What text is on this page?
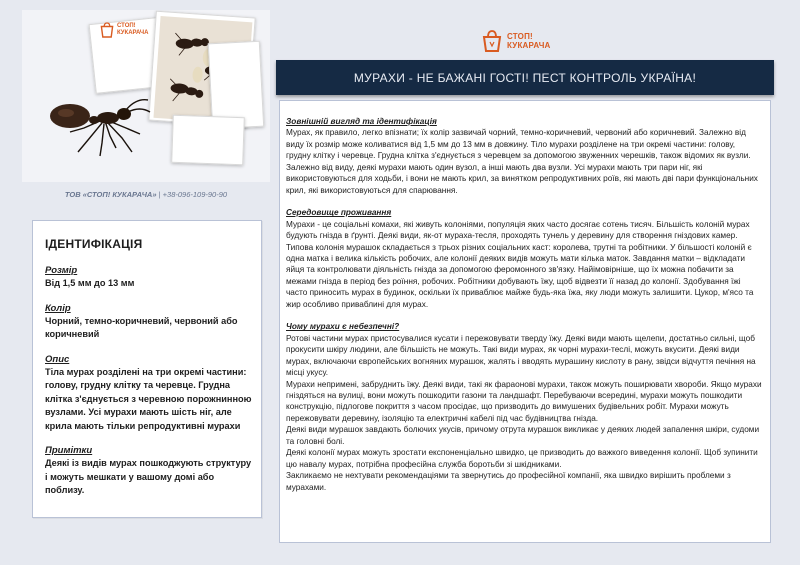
СТОП!
КУКАРАЧА
ТОВ «СТОП! КУКАРАЧА» | +38-096-109-90-90
ІДЕНТИФІКАЦІЯ
Розмір
Від 1,5 мм до 13 мм
Колір
Чорний, темно-коричневий, червоний або коричневий
Опис
Тіла мурах розділені на три окремі частини: голову, грудну клітку та черевце. Грудна клітка з'єднується з черевною порожнинною вузлами. Усі мурахи мають шість ніг, але крила мають тільки репродуктивні мурахи
Примітки
Деякі із видів мурах пошкоджують структуру і можуть мешкати у вашому домі або поблизу.
СТОП!
КУКАРАЧА
МУРАХИ - НЕ БАЖАНІ ГОСТІ! ПЕСТ КОНТРОЛЬ УКРАЇНА!
Зовнішній вигляд та ідентифікація

Мурах, як правило, легко впізнати; їх колір зазвичай чорний, темно-коричневий, червоний або коричневий. Залежно від виду їх розмір може коливатися від 1,5 мм до 13 мм в довжину. Тіло мурахи розділене на три окремі частини: голову, грудну клітку і черевце. Грудна клітка з'єднується з черевцем за допомогою звуженних черешків, також відомих як вузли. Залежно від виду, деякі мурахи мають один вузол, а інші мають два вузли. Усі мурахи мають три пари ніг, які використовуються для ходьби, і вони не мають крил, за винятком репродуктивних роїв, які мають дві пари функціональних крил, які використовуються для спарювання.

Середовище проживання

Мурахи - це соціальні комахи, які живуть колоніями, популяція яких часто досягає сотень тисяч. Більшість колоній мурах будують гнізда в ґрунті. Деякі види, як-от мураха-тесля, проходять тунель у деревину для створення гніздових камер. Типова колонія мурашок складається з трьох різних соціальних каст: королева, трутні та робітники. У більшості колоній є одна матка і велика кількість робочих, але колонії деяких видів можуть мати кілька маток. Завдання матки – відкладати яйця та контролювати діяльність гнізда за допомогою феромонного зв'язку. Найімовірніше, що їх можна побачити за межами гнізда в період без роїння, робочих. Робітники добувають їжу, щоб відвезти її назад до колонії. Здобування їжі часто приносить мурах в будинок, оскільки їх приваблює майже будь-яка їжа, яку люди можуть залишити. Цукор, м'ясо та жир особливо приваблині для мурах.

Чому мурахи є небезпечні?

Ротові частини мурах пристосувалися кусати і пережовувати тверду їжу. Деякі види мають щелепи, достатньо сильні, щоб прокусити шкіру людини, але більшість не можуть. Такі види мурах, як чорні мурахи-теслі, можуть вкусити. Деякі види мурах, включаючи європейських вогняних мурашок, жалять і вводять мурашину кислоту в рану, звідси відчуття печіння на місці укусу.

Мурахи непримені, забруднить їжу. Деякі види, такі як фараонові мурахи, також можуть поширювати хвороби. Якщо мурахи гніздяться на вулиці, вони можуть пошкодити газони та ландшафт. Перебуваючи всередині, мурахи можуть пошкодити конструкцію, підлогове покриття з часом просідає, що призводить до вимушених будівельних робіт. Мурахи можуть пережовувати деревину, ізоляцію та електричні кабелі під час будівництва гнізда.

Деякі види мурашок завдають болючих укусів, причому отрута мурашок викликає у деяких людей запалення шкіри, судоми та головні болі.

Деякі колонії мурах можуть зростати експоненціально швидко, це призводить до важкого виведення колонії. Щоб зупинити цю навалу мурах, потрібна професійна служба боротьби зі шкідниками.

Закликаємо не нехтувати рекомендаціями та звернутись до професійної компанії, яка швидко вирішить проблеми з мурахами.
